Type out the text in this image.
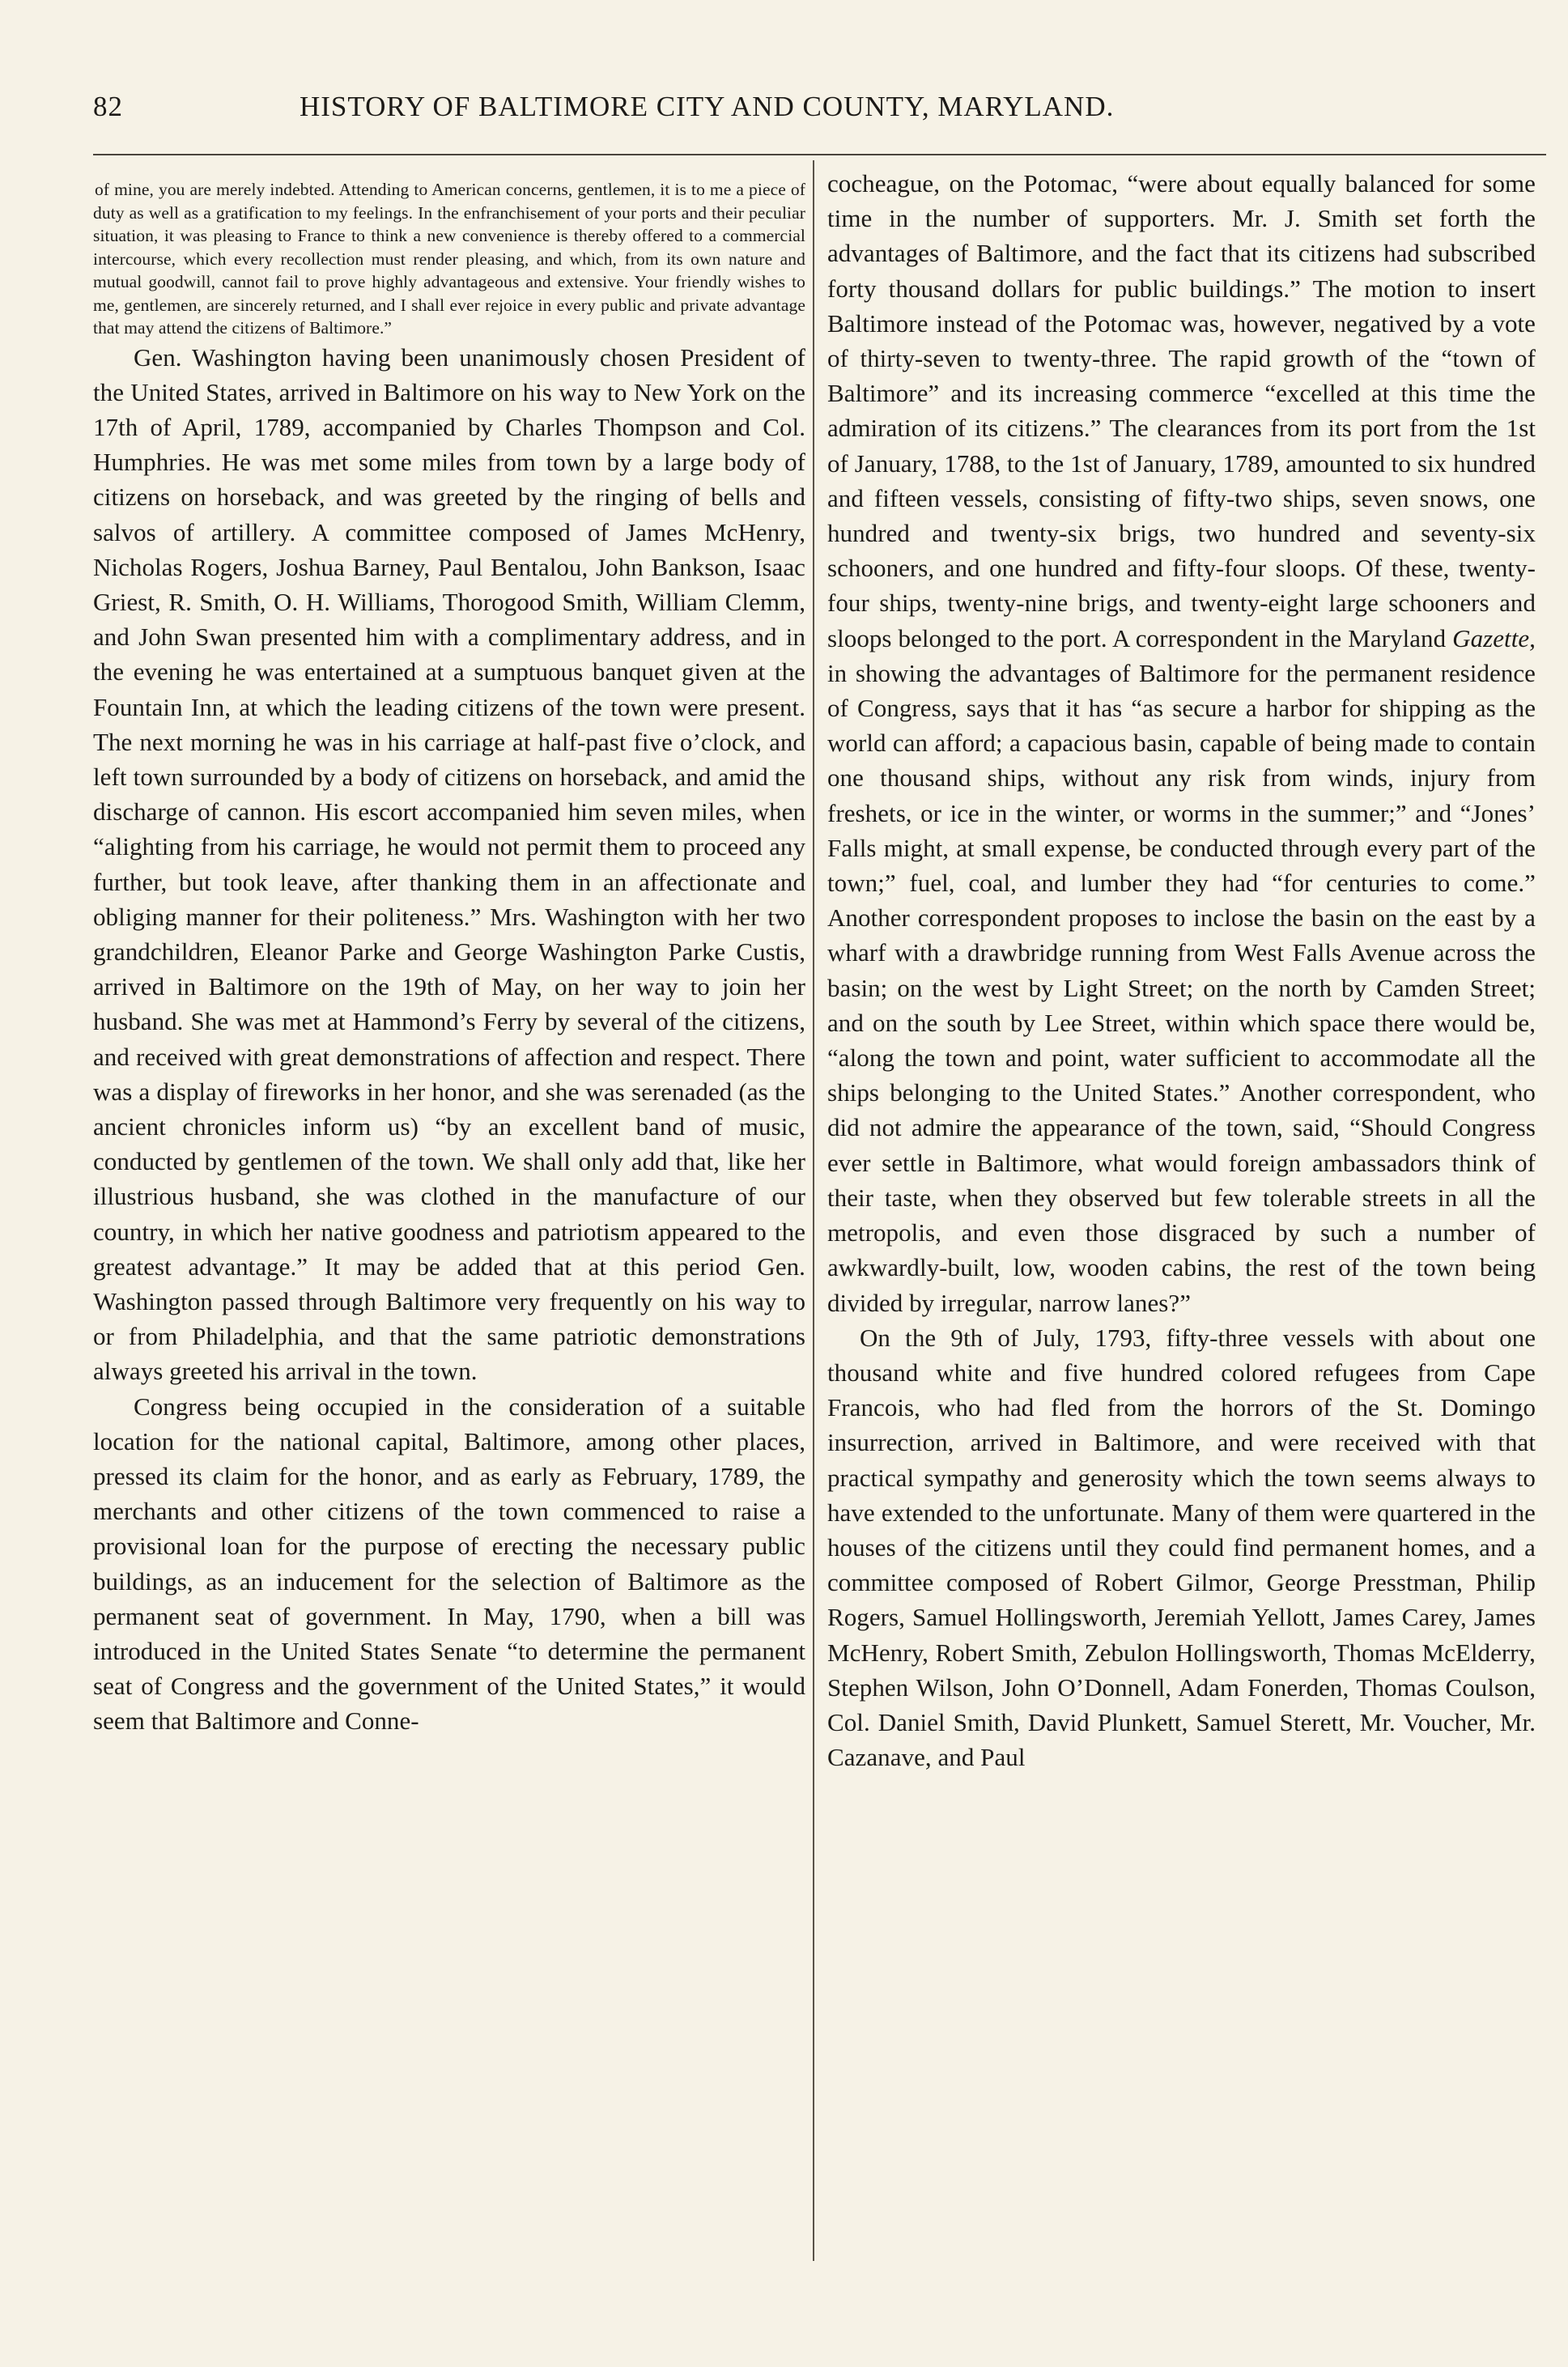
82	HISTORY OF BALTIMORE CITY AND COUNTY, MARYLAND.

of mine, you are merely indebted. Attending to American concerns, gentlemen, it is to me a piece of duty as well as a gratification to my feelings. In the enfranchisement of your ports and their peculiar situation, it was pleasing to France to think a new convenience is thereby offered to a commercial intercourse, which every recollection must render pleasing, and which, from its own nature and mutual goodwill, cannot fail to prove highly advantageous and extensive. Your friendly wishes to me, gentlemen, are sincerely returned, and I shall ever rejoice in every public and private advantage that may attend the citizens of Baltimore.”

Gen. Washington having been unanimously chosen President of the United States, arrived in Baltimore on his way to New York on the 17th of April, 1789, accompanied by Charles Thompson and Col. Humphries. He was met some miles from town by a large body of citizens on horseback, and was greeted by the ringing of bells and salvos of artillery. A committee composed of James McHenry, Nicholas Rogers, Joshua Barney, Paul Bentalou, John Bankson, Isaac Griest, R. Smith, O. H. Williams, Thorogood Smith, William Clemm, and John Swan presented him with a complimentary address, and in the evening he was entertained at a sumptuous banquet given at the Fountain Inn, at which the leading citizens of the town were present. The next morning he was in his carriage at half-past five o’clock, and left town surrounded by a body of citizens on horseback, and amid the discharge of cannon. His escort accompanied him seven miles, when “alighting from his carriage, he would not permit them to proceed any further, but took leave, after thanking them in an affectionate and obliging manner for their politeness.” Mrs. Washington with her two grandchildren, Eleanor Parke and George Washington Parke Custis, arrived in Baltimore on the 19th of May, on her way to join her husband. She was met at Hammond’s Ferry by several of the citizens, and received with great demonstrations of affection and respect. There was a display of fireworks in her honor, and she was serenaded (as the ancient chronicles inform us) “by an excellent band of music, conducted by gentlemen of the town. We shall only add that, like her illustrious husband, she was clothed in the manufacture of our country, in which her native goodness and patriotism appeared to the greatest advantage.” It may be added that at this period Gen. Washington passed through Baltimore very frequently on his way to or from Philadelphia, and that the same patriotic demonstrations always greeted his arrival in the town.

Congress being occupied in the consideration of a suitable location for the national capital, Baltimore, among other places, pressed its claim for the honor, and as early as February, 1789, the merchants and other citizens of the town commenced to raise a provisional loan for the purpose of erecting the necessary public buildings, as an inducement for the selection of Baltimore as the permanent seat of government. In May, 1790, when a bill was introduced in the United States Senate “to determine the permanent seat of Congress and the government of the United States,” it would seem that Baltimore and Conne-

cocheague, on the Potomac, “were about equally balanced for some time in the number of supporters. Mr. J. Smith set forth the advantages of Baltimore, and the fact that its citizens had subscribed forty thousand dollars for public buildings.” The motion to insert Baltimore instead of the Potomac was, however, negatived by a vote of thirty-seven to twenty-three. The rapid growth of the “town of Baltimore” and its increasing commerce “excelled at this time the admiration of its citizens.” The clearances from its port from the 1st of January, 1788, to the 1st of January, 1789, amounted to six hundred and fifteen vessels, consisting of fifty-two ships, seven snows, one hundred and twenty-six brigs, two hundred and seventy-six schooners, and one hundred and fifty-four sloops. Of these, twenty-four ships, twenty-nine brigs, and twenty-eight large schooners and sloops belonged to the port. A correspondent in the Maryland Gazette, in showing the advantages of Baltimore for the permanent residence of Congress, says that it has “as secure a harbor for shipping as the world can afford; a capacious basin, capable of being made to contain one thousand ships, without any risk from winds, injury from freshets, or ice in the winter, or worms in the summer;” and “Jones’ Falls might, at small expense, be conducted through every part of the town;” fuel, coal, and lumber they had “for centuries to come.” Another correspondent proposes to inclose the basin on the east by a wharf with a drawbridge running from West Falls Avenue across the basin; on the west by Light Street; on the north by Camden Street; and on the south by Lee Street, within which space there would be, “along the town and point, water sufficient to accommodate all the ships belonging to the United States.” Another correspondent, who did not admire the appearance of the town, said, “Should Congress ever settle in Baltimore, what would foreign ambassadors think of their taste, when they observed but few tolerable streets in all the metropolis, and even those disgraced by such a number of awkwardly-built, low, wooden cabins, the rest of the town being divided by irregular, narrow lanes?”

On the 9th of July, 1793, fifty-three vessels with about one thousand white and five hundred colored refugees from Cape Francois, who had fled from the horrors of the St. Domingo insurrection, arrived in Baltimore, and were received with that practical sympathy and generosity which the town seems always to have extended to the unfortunate. Many of them were quartered in the houses of the citizens until they could find permanent homes, and a committee composed of Robert Gilmor, George Presstman, Philip Rogers, Samuel Hollingsworth, Jeremiah Yellott, James Carey, James McHenry, Robert Smith, Zebulon Hollingsworth, Thomas McElderry, Stephen Wilson, John O’Donnell, Adam Fonerden, Thomas Coulson, Col. Daniel Smith, David Plunkett, Samuel Sterett, Mr. Voucher, Mr. Cazanave, and Paul
